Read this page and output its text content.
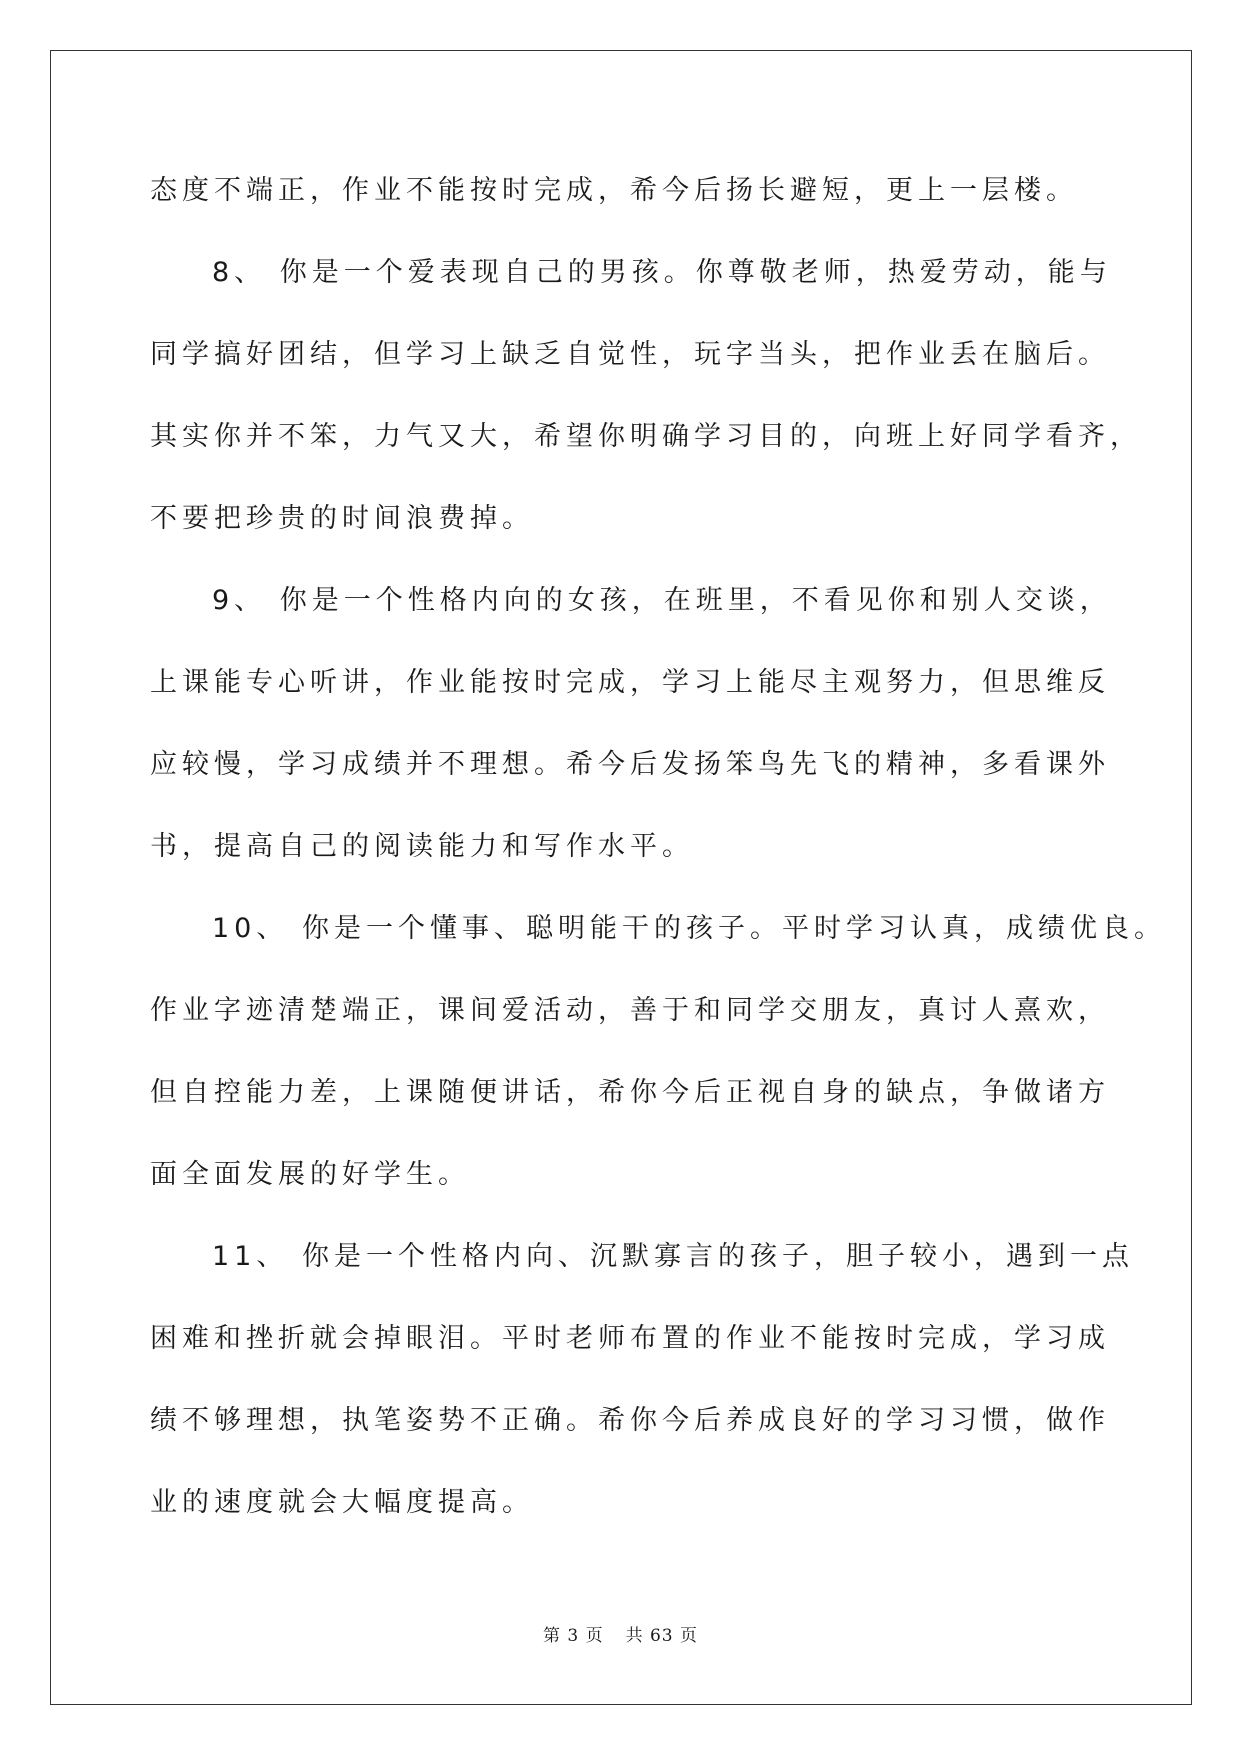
态度不端正，作业不能按时完成，希今后扬长避短，更上一层楼。

8、 你是一个爱表现自己的男孩。你尊敬老师，热爱劳动，能与

同学搞好团结，但学习上缺乏自觉性，玩字当头，把作业丢在脑后。

其实你并不笨，力气又大，希望你明确学习目的，向班上好同学看齐，

不要把珍贵的时间浪费掉。

9、 你是一个性格内向的女孩，在班里，不看见你和别人交谈，

上课能专心听讲，作业能按时完成，学习上能尽主观努力，但思维反

应较慢，学习成绩并不理想。希今后发扬笨鸟先飞的精神，多看课外

书，提高自己的阅读能力和写作水平。

10、 你是一个懂事、聪明能干的孩子。平时学习认真，成绩优良。

作业字迹清楚端正，课间爱活动，善于和同学交朋友，真讨人熹欢，

但自控能力差，上课随便讲话，希你今后正视自身的缺点，争做诸方

面全面发展的好学生。

11、 你是一个性格内向、沉默寡言的孩子，胆子较小，遇到一点

困难和挫折就会掉眼泪。平时老师布置的作业不能按时完成，学习成

绩不够理想，执笔姿势不正确。希你今后养成良好的学习习惯，做作

业的速度就会大幅度提高。

第 3 页 共 63 页
